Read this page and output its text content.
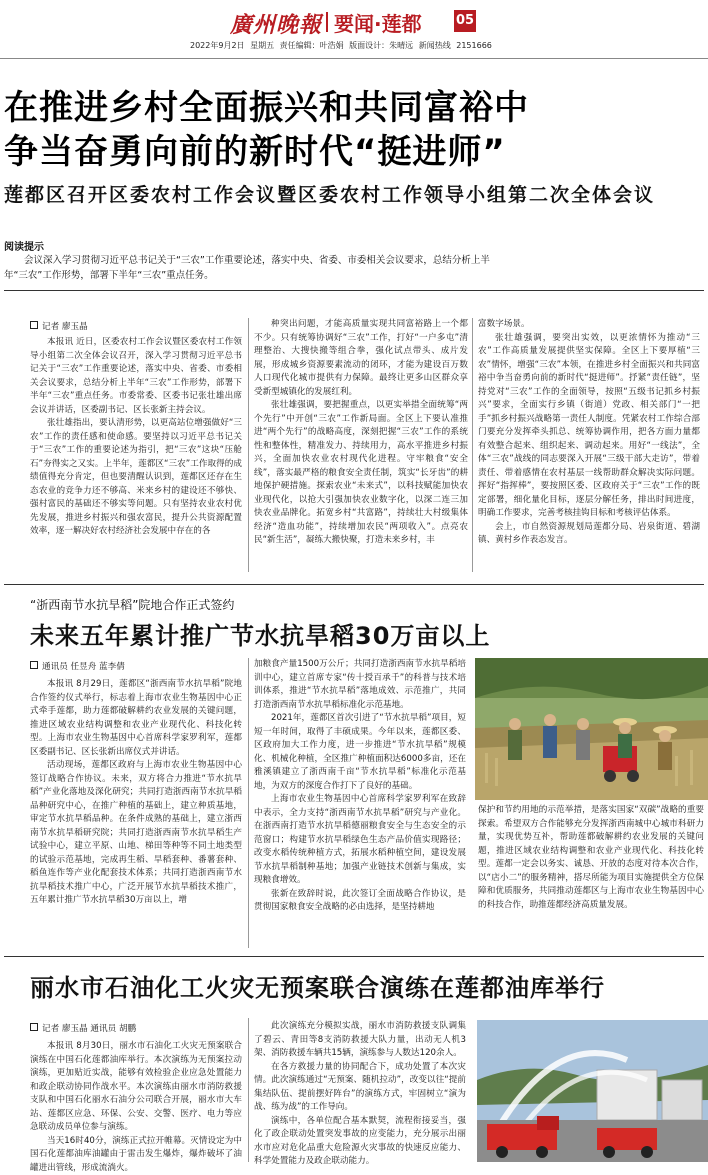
廣州晚報 要闻·莲都	05
2022年9月2日 星期五 责任编辑：叶浩娟 版面设计：朱晴远 新闻热线 2151666
在推进乡村全面振兴和共同富裕中
争当奋勇向前的新时代“挺进师”
莲都区召开区委农村工作会议暨区委农村工作领导小组第二次全体会议
阅读提示
会议深入学习贯彻习近平总书记关于“三农”工作重要论述，落实中央、省委、市委相关会议要求，总结分析上半年“三农”工作形势，部署下半年“三农”重点任务。
记者 廖玉晶

本报讯 近日，区委农村工作会议暨区委农村工作领导小组第二次全体会议召开，深入学习贯彻习近平总书记关于“三农”工作重要论述，落实中央、省委、市委相关会议要求，总结分析上半年“三农”工作形势，部署下半年“三农”重点任务。市委常委、区委书记张壮雄出席会议并讲话，区委副书记、区长张新主持会议。

张壮雄指出，要认清形势，以更高站位增强做好“三农”工作的责任感和使命感。要坚持以习近平总书记关于“三农”工作的重要论述为指引，把“三农”这块“压舱石”夯得实之又实。上半年，莲都区“三农”工作取得的成绩值得充分肯定，但也要清醒认识到，莲都区还存在生态农业的竞争力还不够高、米来乡村的建设还不够快、强村富民的基础还不够实等问题。只有坚持农业农村优先发展，推进乡村振兴和强农富民，提升公共资源配置效率，逐一解决好农村经济社会发展中存在的各

种突出问题，才能高质量实现共同富裕路上一个都不少。只有统筹协调好“三农”工作，打好“一户多屯”清理整治、大搜快搬等组合拳，强化试点带头、成片发展，形成城乡资源要素流动的闭环，才能为建设百万数人口现代化城市提供有力保障。最终让更多山区群众享受新型城镇化的发展红利。

张壮雄强调，要把握重点，以更实举措全面统筹“两个先行”中开创“三农”工作新局面。全区上下要认准推进“两个先行”的战略高度，深刻把握“三农”工作的系统性和整体性，精准发力、持续用力，高水平推进乡村振兴，全面加快农业农村现代化进程。守牢粮食“安全线”，落实最严格的粮食安全责任制，筑实“长牙齿”的耕地保护硬措施。探索农业“未来式”，以科技赋能加快农业现代化，以抢大引强加快农业数字化，以深二连三加快农业品牌化。拓宽乡村“共富路”，持续壮大村级集体经济“造血功能”，持续增加农民“两项收入”。点亮农民“新生活”，凝练大搬快聚，打造未来乡村，丰

富数字场景。

张壮雄强调，要突出实效，以更浓情怀为推动“三农”工作高质量发展提供坚实保障。全区上下要厚植“三农”情怀，增强“三农”本领，在推进乡村全面振兴和共同富裕中争当奋勇向前的新时代“挺进师”。抒紧“责任链”，坚持党对“三农”工作的全面领导，按照“五级书记抓乡村振兴”要求，全面实行乡镇（街道）党政、相关部门“一把手”抓乡村振兴战略第一责任人制度。凭紧农村工作综合部门要充分发挥牵头抓总、统筹协调作用，把各方面力量都有效整合起来、组织起来、调动起来。用好“一线法”，全体“三农”战线的同志要深入开展“三级干部大走访”，带着责任、带着感情在农村基层一线帮助群众解决实际问题。挥好“指挥棒”，要按照区委、区政府关于“三农”工作的既定部署，细化量化目标，逐层分解任务，排出时间进度，明确工作要求，完善考核挂钩目标和考核评估体系。

会上，市自然资源规划局莲都分局、岩泉街道、碧湖镇、黄村乡作表态发言。

“浙西南节水抗旱稻”院地合作正式签约
未来五年累计推广节水抗旱稻30万亩以上
通讯员 任昱舟 蓝李倩

本报讯 8月29日，莲都区“浙西南节水抗旱稻”院地合作签约仪式举行，标志着上海市农业生物基因中心正式牵手莲都，助力莲都破解耕约农业发展的关键问题，推进区域农业结构调整和农业产业现代化、科技化转型。上海市农业生物基因中心首席科学家罗利军，莲都区委副书记、区长张新出席仪式并讲话。

活动现场，莲都区政府与上海市农业生物基因中心签订战略合作协议。未来，双方将合力推进“节水抗旱稻”产业化落地及深化研究；共同打造浙西南节水抗旱稻品种研究中心，在推广种植的基础上，建立种质基地，审定节水抗旱稻品种。在条件成熟的基础上，建立浙西南节水抗旱稻研究院；共同打造浙西南节水抗旱稻生产试验中心，建立平原、山地、梯田等种等不同土地类型的试验示范基地，完成再生稻、旱稻套种、番薯套种、稻鱼连作等产业化配套技术体系；共同打造浙西南节水抗旱稻技术推广中心，广泛开展节水抗旱稻技术推广，五年累计推广节水抗旱稻30万亩以上，增

加粮食产量1500万公斤；共同打造浙西南节水抗旱稻培训中心，建立首席专家“传十授百承千”的科普与技术培训体系，推进“节水抗旱稻”落地成效、示范推广，共同打造浙西南节水抗旱稻标准化示范基地。

2021年，莲都区首次引进了“节水抗旱稻”项目，短短一年时间，取得了丰硕成果。今年以来，莲都区委、区政府加大工作力度，进一步推进“节水抗旱稻”规模化、机械化种植，全区推广种植面积达6000多亩，还在雅溪镇建立了浙西南千亩“节水抗旱稻”标准化示范基地，为双方的深度合作打下了良好的基础。

上海市农业生物基因中心首席科学家罗利军在致辞中表示，全力支持“浙西南节水抗旱稻”研究与产业化。在浙西南打造节水抗旱稻德丽粮食安全与生态安全的示范窗口；构建节水抗旱稻绿色生态产品价值实现路径；改变水稻传统种植方式，拓展水稻种植空间，建设发展节水抗旱稻制种基地；加强产业链技术创新与集成，实现粮食增效。

张新在致辞时说，此次签订全面战略合作协议，是贯彻国家粮食安全战略的必由选择，是坚持耕地

保护和节约用地的示范举措，是落实国家“双碳”战略的重要探索。希望双方合作能够充分发挥浙西南城中心城市科研力量，实现优势互补，帮助莲都破解耕约农业发展的关键问题，推进区域农业结构调整和农业产业现代化、科技化转型。莲都一定会以务实、诚恳、开放的态度对待本次合作，以“店小二”的服务精神，搭尽所能为项目实施提供全方位保障和优质服务，共同推动莲都区与上海市农业生物基因中心的科技合作，助推莲都经济高质量发展。

丽水市石油化工火灾无预案联合演练在莲都油库举行
记者 廖玉晶 通讯员 胡鹏

本报讯 8月30日，丽水市石油化工火灾无预案联合演练在中国石化莲都油库举行。本次演练为无预案拉动演练，更加贴近实战，能够有效检验企业应急处置能力和政企联动协同作战水平。本次演练由丽水市消防救援支队和中国石化丽水石油分公司联合开展，丽水市大车站、莲都区应急、环保、公安、交警、医疗、电力等应急联动成员单位参与演练。

当天16时40分，演练正式拉开帷幕。灭情设定为中国石化莲都油库油罐由于雷击发生爆炸，爆炸破坏了油罐进出管线，形成流淌火。

此次演练充分模拟实战，丽水市消防救援支队调集了碧云、青田等8支消防救援大队力量，出动无人机3架、消防救援车辆共15辆，演练参与人数达120余人。

在各方救援力量的协同配合下，成功处置了本次灾情。此次演练通过“无预案、随机拉动”，改变以往“提前集结队伍、提前摆好阵台”的演练方式，牢固树立“演为战、练为战”的工作导向。

演练中，各单位配合基本默契，流程衔接妥当，强化了政企联动处置突发事故的应变能力，充分展示出丽水市应对危化品重大危险源火灾事故的快速反应能力、科学处置能力及政企联动能力。
